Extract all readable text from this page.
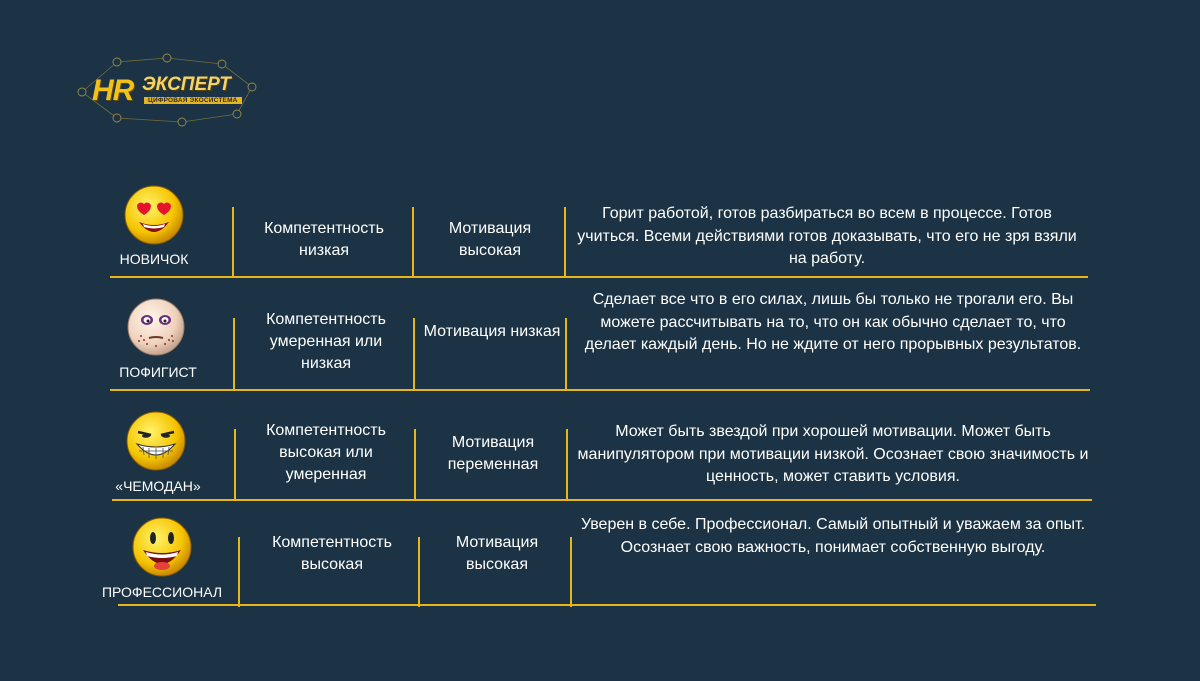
HR ЭКСПЕРТ
ЦИФРОВАЯ ЭКОСИСТЕМА
НОВИЧОК
Компетентность низкая
Мотивация высокая
Горит работой, готов разбираться во всем в процессе. Готов учиться. Всеми действиями готов доказывать, что его не зря взяли на работу.
ПОФИГИСТ
Компетентность умеренная или низкая
Мотивация низкая
Сделает все что в его силах, лишь бы только не трогали его. Вы можете рассчитывать на то, что он как обычно сделает то, что делает каждый день. Но не ждите от него прорывных результатов.
«ЧЕМОДАН»
Компетентность высокая или умеренная
Мотивация переменная
Может быть звездой при хорошей мотивации. Может быть манипулятором при мотивации низкой. Осознает свою значимость и ценность, может ставить условия.
ПРОФЕССИОНАЛ
Компетентность высокая
Мотивация высокая
Уверен в себе. Профессионал. Самый опытный и уважаем за опыт. Осознает свою важность, понимает собственную выгоду.
